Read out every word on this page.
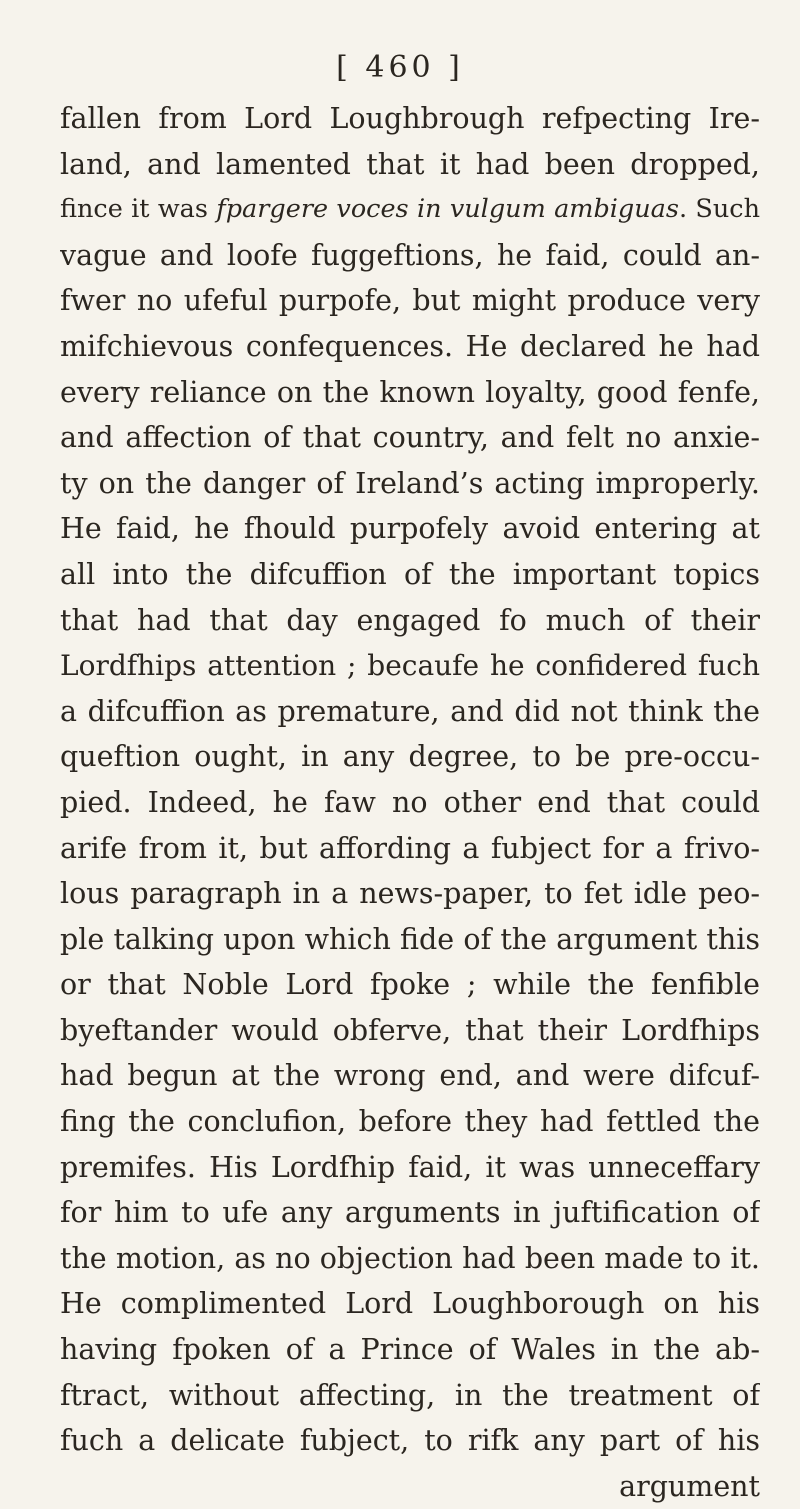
[ 460 ]
fallen from Lord Loughbrough refpecting Ire-
land, and lamented that it had been dropped,
fince it was fpargere voces in vulgum ambiguas. Such
vague and loofe fuggeftions, he faid, could an-
fwer no ufeful purpofe, but might produce very
mifchievous confequences. He declared he had
every reliance on the known loyalty, good fenfe,
and affection of that country, and felt no anxie-
ty on the danger of Ireland’s acting improperly.
He faid, he fhould purpofely avoid entering at
all into the difcuffion of the important topics
that had that day engaged fo much of their
Lordfhips attention ; becaufe he confidered fuch
a difcuffion as premature, and did not think the
queftion ought, in any degree, to be pre-occu-
pied. Indeed, he faw no other end that could
arife from it, but affording a fubject for a frivo-
lous paragraph in a news-paper, to fet idle peo-
ple talking upon which fide of the argument this
or that Noble Lord fpoke ; while the fenfible
byeftander would obferve, that their Lordfhips
had begun at the wrong end, and were difcuf-
fing the conclufion, before they had fettled the
premifes. His Lordfhip faid, it was unneceffary
for him to ufe any arguments in juftification of
the motion, as no objection had been made to it.
He complimented Lord Loughborough on his
having fpoken of a Prince of Wales in the ab-
ftract, without affecting, in the treatment of
fuch a delicate fubject, to rifk any part of his
argument
